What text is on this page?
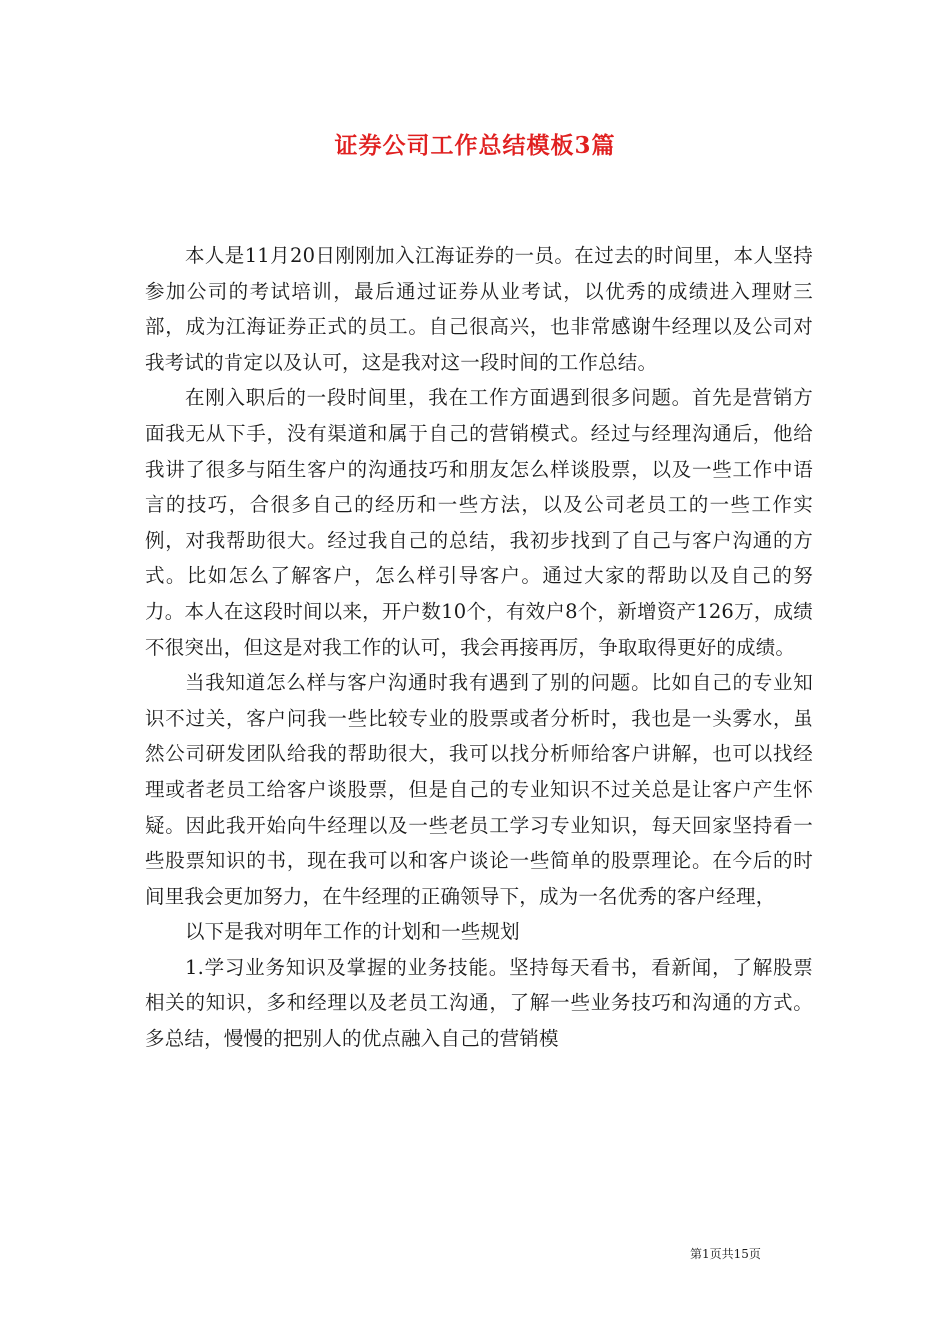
证券公司工作总结模板3篇

本人是11月20日刚刚加入江海证券的一员。在过去的时间里，本人坚持参加公司的考试培训，最后通过证券从业考试，以优秀的成绩进入理财三部，成为江海证券正式的员工。自己很高兴，也非常感谢牛经理以及公司对我考试的肯定以及认可，这是我对这一段时间的工作总结。

在刚入职后的一段时间里，我在工作方面遇到很多问题。首先是营销方面我无从下手，没有渠道和属于自己的营销模式。经过与经理沟通后，他给我讲了很多与陌生客户的沟通技巧和朋友怎么样谈股票，以及一些工作中语言的技巧，合很多自己的经历和一些方法，以及公司老员工的一些工作实例，对我帮助很大。经过我自己的总结，我初步找到了自己与客户沟通的方式。比如怎么了解客户，怎么样引导客户。通过大家的帮助以及自己的努力。本人在这段时间以来，开户数10个，有效户8个，新增资产126万，成绩不很突出，但这是对我工作的认可，我会再接再厉，争取取得更好的成绩。

当我知道怎么样与客户沟通时我有遇到了别的问题。比如自己的专业知识不过关，客户问我一些比较专业的股票或者分析时，我也是一头雾水，虽然公司研发团队给我的帮助很大，我可以找分析师给客户讲解，也可以找经理或者老员工给客户谈股票，但是自己的专业知识不过关总是让客户产生怀疑。因此我开始向牛经理以及一些老员工学习专业知识，每天回家坚持看一些股票知识的书，现在我可以和客户谈论一些简单的股票理论。在今后的时间里我会更加努力，在牛经理的正确领导下，成为一名优秀的客户经理，

以下是我对明年工作的计划和一些规划

1.学习业务知识及掌握的业务技能。坚持每天看书，看新闻，了解股票相关的知识，多和经理以及老员工沟通，了解一些业务技巧和沟通的方式。多总结，慢慢的把别人的优点融入自己的营销模

第1页共15页
